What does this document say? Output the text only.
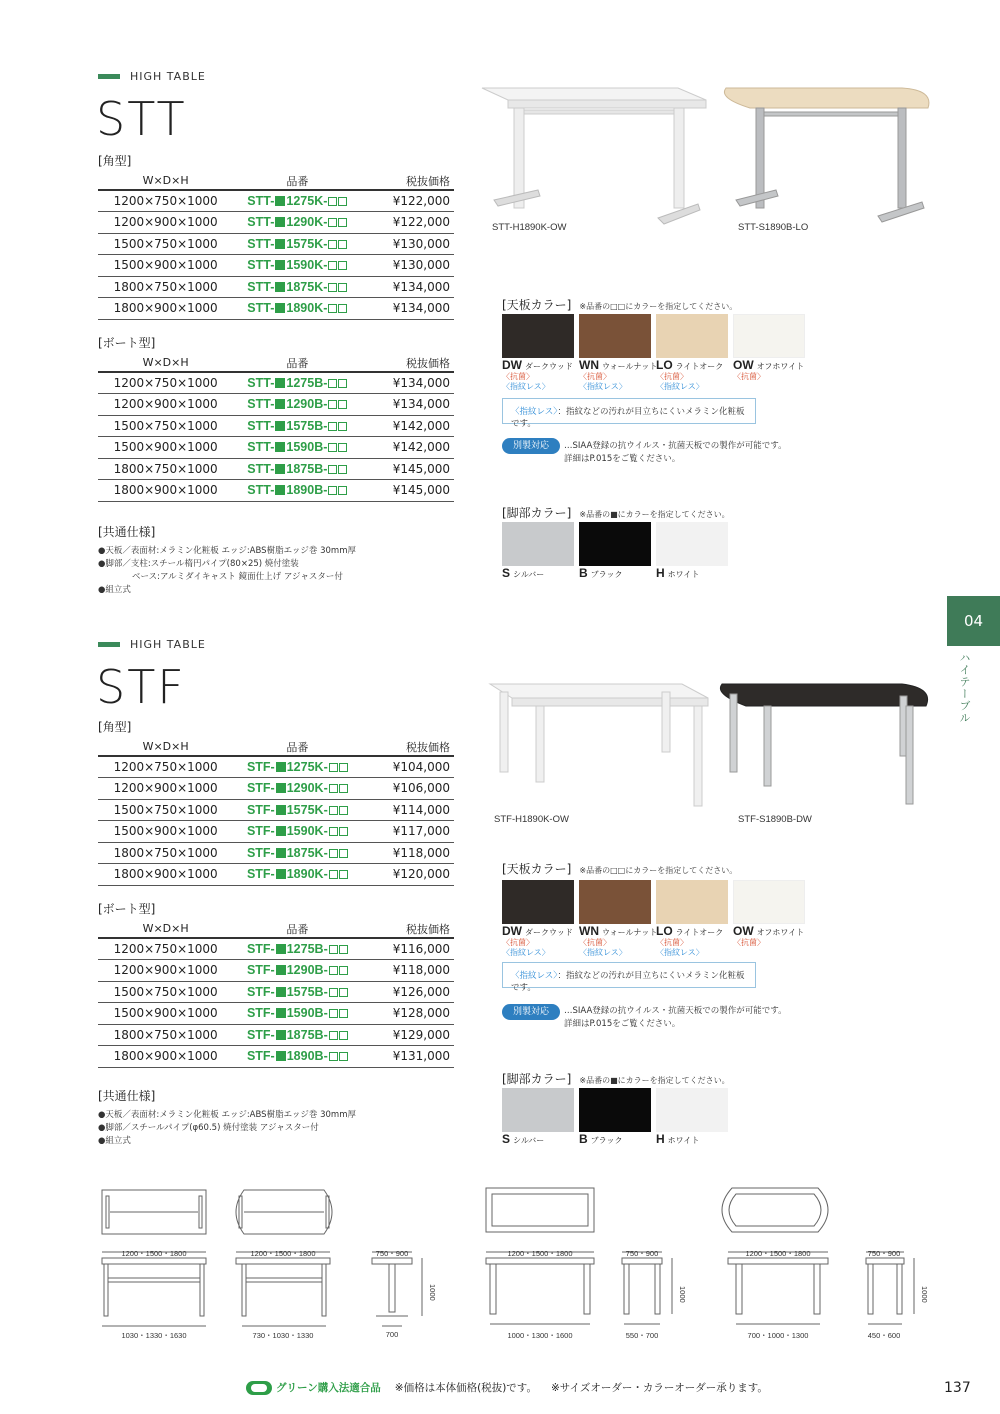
HIGH TABLE
STT
[角型]
W×D×H	品番	税抜価格
1200×750×1000	STT- 1275K-	¥122,000
1200×900×1000	STT- 1290K-	¥122,000
1500×750×1000	STT- 1575K-	¥130,000
1500×900×1000	STT- 1590K-	¥130,000
1800×750×1000	STT- 1875K-	¥134,000
1800×900×1000	STT- 1890K-	¥134,000
[ボート型]
W×D×H	品番	税抜価格
1200×750×1000	STT- 1275B-	¥134,000
1200×900×1000	STT- 1290B-	¥134,000
1500×750×1000	STT- 1575B-	¥142,000
1500×900×1000	STT- 1590B-	¥142,000
1800×750×1000	STT- 1875B-	¥145,000
1800×900×1000	STT- 1890B-	¥145,000
[共通仕様]
●天板／表面材:メラミン化粧板 エッジ:ABS樹脂エッジ巻 30mm厚
●脚部／支柱:スチール楕円パイプ(80×25) 焼付塗装
　　　　ベース:アルミダイキャスト 鏡面仕上げ アジャスター付
●組立式
STT-H1890K-OW	STT-S1890B-LO
[天板カラー] ※品番の□□にカラーを指定してください。
DW ダークウッド
〈抗菌〉
〈指紋レス〉
WN ウォールナット
〈抗菌〉
〈指紋レス〉
LO ライトオーク
〈抗菌〉
〈指紋レス〉
OW オフホワイト
〈抗菌〉
〈指紋レス〉：指紋などの汚れが目立ちにくいメラミン化粧板です。
別製対応	…SIAA登録の抗ウイルス・抗菌天板での製作が可能です。
詳細はP.015をご覧ください。
[脚部カラー] ※品番の■にカラーを指定してください。
Sシルバー	Bブラック	Hホワイト
04
ハイテーブル
HIGH TABLE
STF
[角型]
W×D×H	品番	税抜価格
1200×750×1000	STF- 1275K-	¥104,000
1200×900×1000	STF- 1290K-	¥106,000
1500×750×1000	STF- 1575K-	¥114,000
1500×900×1000	STF- 1590K-	¥117,000
1800×750×1000	STF- 1875K-	¥118,000
1800×900×1000	STF- 1890K-	¥120,000
[ボート型]
W×D×H	品番	税抜価格
1200×750×1000	STF- 1275B-	¥116,000
1200×900×1000	STF- 1290B-	¥118,000
1500×750×1000	STF- 1575B-	¥126,000
1500×900×1000	STF- 1590B-	¥128,000
1800×750×1000	STF- 1875B-	¥129,000
1800×900×1000	STF- 1890B-	¥131,000
[共通仕様]
●天板／表面材:メラミン化粧板 エッジ:ABS樹脂エッジ巻 30mm厚
●脚部／スチールパイプ(φ60.5) 焼付塗装 アジャスター付
●組立式
STF-H1890K-OW	STF-S1890B-DW
[天板カラー] ※品番の□□にカラーを指定してください。
DW ダークウッド
〈抗菌〉
〈指紋レス〉
WN ウォールナット
〈抗菌〉
〈指紋レス〉
LO ライトオーク
〈抗菌〉
〈指紋レス〉
OW オフホワイト
〈抗菌〉
〈指紋レス〉：指紋などの汚れが目立ちにくいメラミン化粧板です。
別製対応	…SIAA登録の抗ウイルス・抗菌天板での製作が可能です。
詳細はP.015をご覧ください。
[脚部カラー] ※品番の■にカラーを指定してください。
Sシルバー	Bブラック	Hホワイト
1200・1500・1800	1200・1500・1800	750・900
1000
1030・1330・1630	730・1030・1330	700
1200・1500・1800	750・900
1000
1000・1300・1600	550・700
1200・1500・1800	750・900
1000
700・1000・1300	450・600
グリーン購入法適合品 ※価格は本体価格(税抜)です。 ※サイズオーダー・カラーオーダー承ります。	137
